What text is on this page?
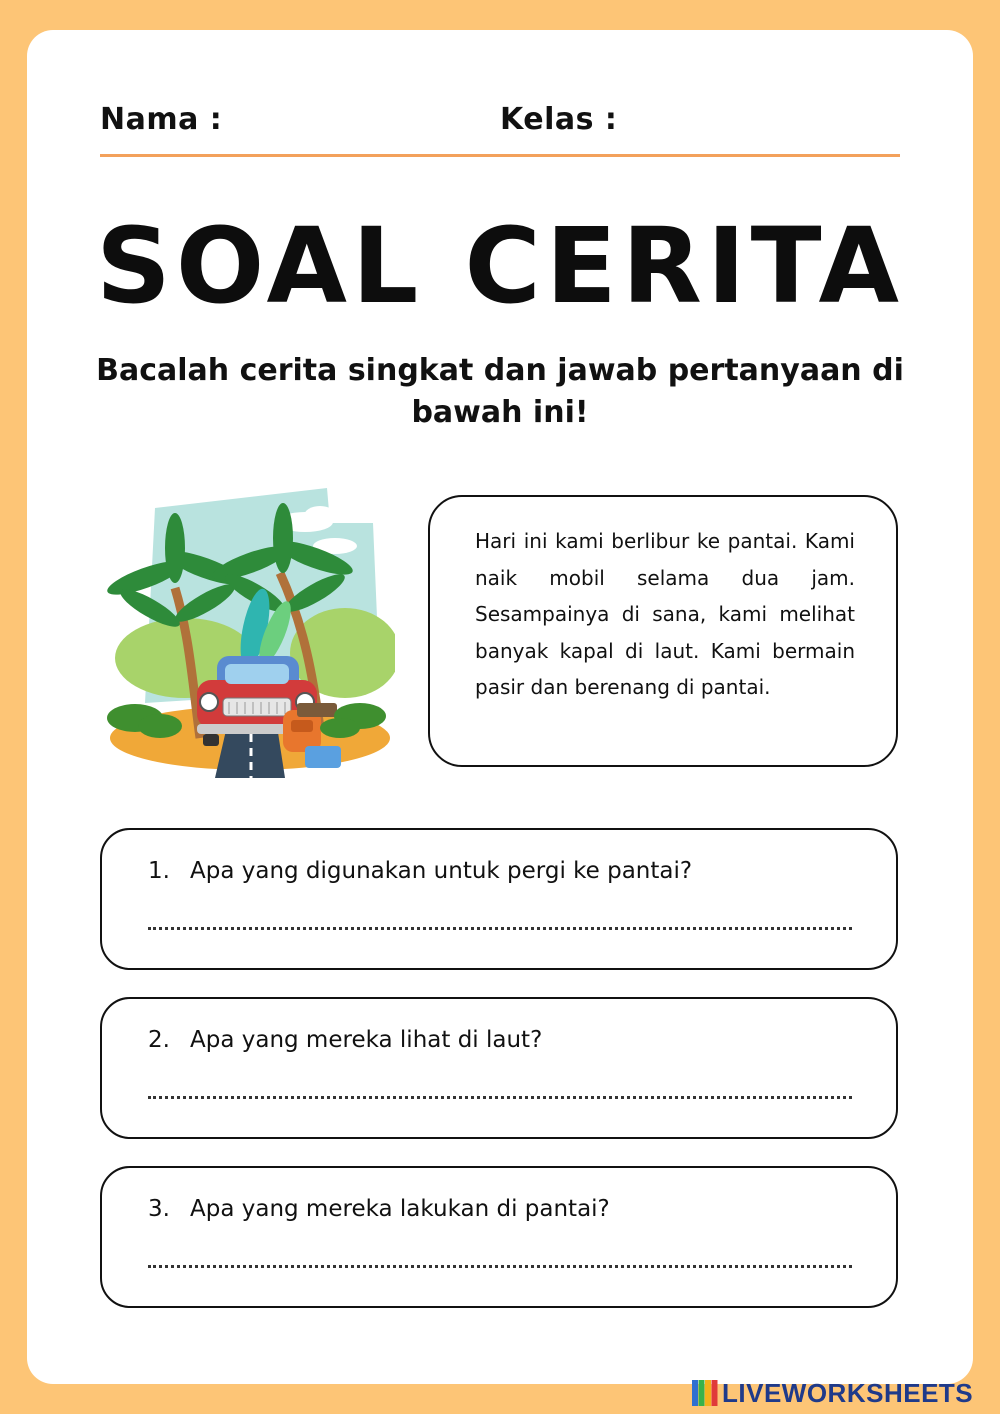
Nama :	Kelas :
SOAL CERITA
Bacalah cerita singkat dan jawab pertanyaan di bawah ini!
Hari ini kami berlibur ke pantai. Kami naik mobil selama dua jam. Sesampainya di sana, kami melihat banyak kapal di laut. Kami bermain pasir dan berenang di pantai.
1. Apa yang digunakan untuk pergi ke pantai?
2. Apa yang mereka lihat di laut?
3. Apa yang mereka lakukan di pantai?
LIVEWORKSHEETS
